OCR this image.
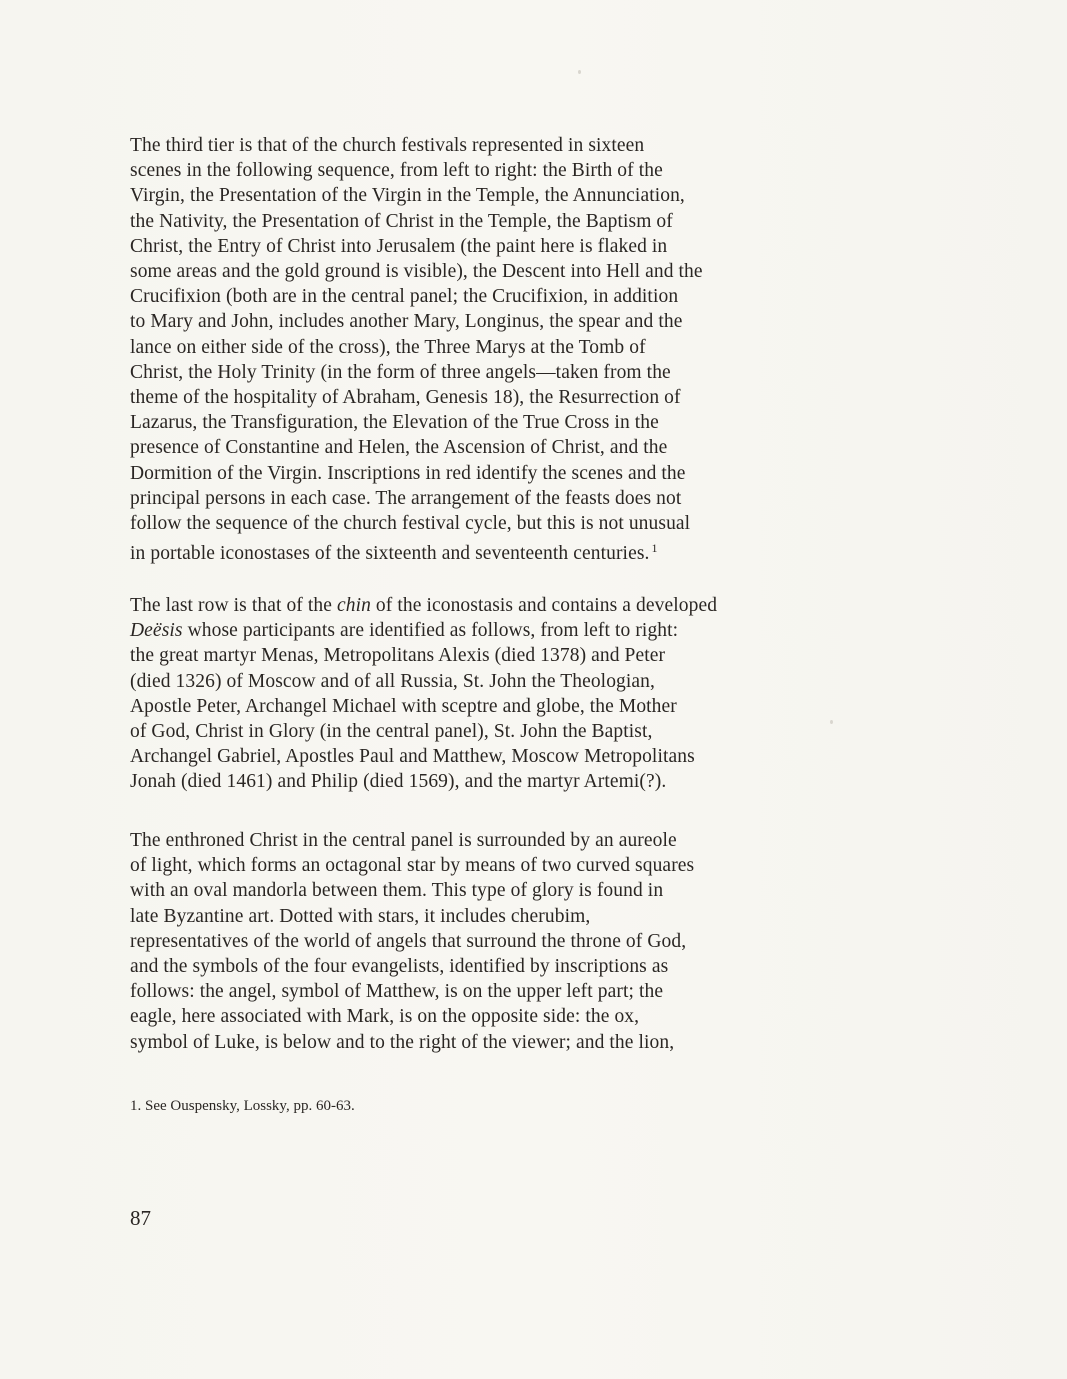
The third tier is that of the church festivals represented in sixteen
scenes in the following sequence, from left to right: the Birth of the
Virgin, the Presentation of the Virgin in the Temple, the Annunciation,
the Nativity, the Presentation of Christ in the Temple, the Baptism of
Christ, the Entry of Christ into Jerusalem (the paint here is flaked in
some areas and the gold ground is visible), the Descent into Hell and the
Crucifixion (both are in the central panel; the Crucifixion, in addition
to Mary and John, includes another Mary, Longinus, the spear and the
lance on either side of the cross), the Three Marys at the Tomb of
Christ, the Holy Trinity (in the form of three angels—taken from the
theme of the hospitality of Abraham, Genesis 18), the Resurrection of
Lazarus, the Transfiguration, the Elevation of the True Cross in the
presence of Constantine and Helen, the Ascension of Christ, and the
Dormition of the Virgin. Inscriptions in red identify the scenes and the
principal persons in each case. The arrangement of the feasts does not
follow the sequence of the church festival cycle, but this is not unusual
in portable iconostases of the sixteenth and seventeenth centuries. $^1$
The last row is that of the chin of the iconostasis and contains a developed
Deësis whose participants are identified as follows, from left to right:
the great martyr Menas, Metropolitans Alexis (died 1378) and Peter
(died 1326) of Moscow and of all Russia, St. John the Theologian,
Apostle Peter, Archangel Michael with sceptre and globe, the Mother
of God, Christ in Glory (in the central panel), St. John the Baptist,
Archangel Gabriel, Apostles Paul and Matthew, Moscow Metropolitans
Jonah (died 1461) and Philip (died 1569), and the martyr Artemi(?).
The enthroned Christ in the central panel is surrounded by an aureole
of light, which forms an octagonal star by means of two curved squares
with an oval mandorla between them. This type of glory is found in
late Byzantine art. Dotted with stars, it includes cherubim,
representatives of the world of angels that surround the throne of God,
and the symbols of the four evangelists, identified by inscriptions as
follows: the angel, symbol of Matthew, is on the upper left part; the
eagle, here associated with Mark, is on the opposite side: the ox,
symbol of Luke, is below and to the right of the viewer; and the lion,
1. See Ouspensky, Lossky, pp. 60-63.
87
